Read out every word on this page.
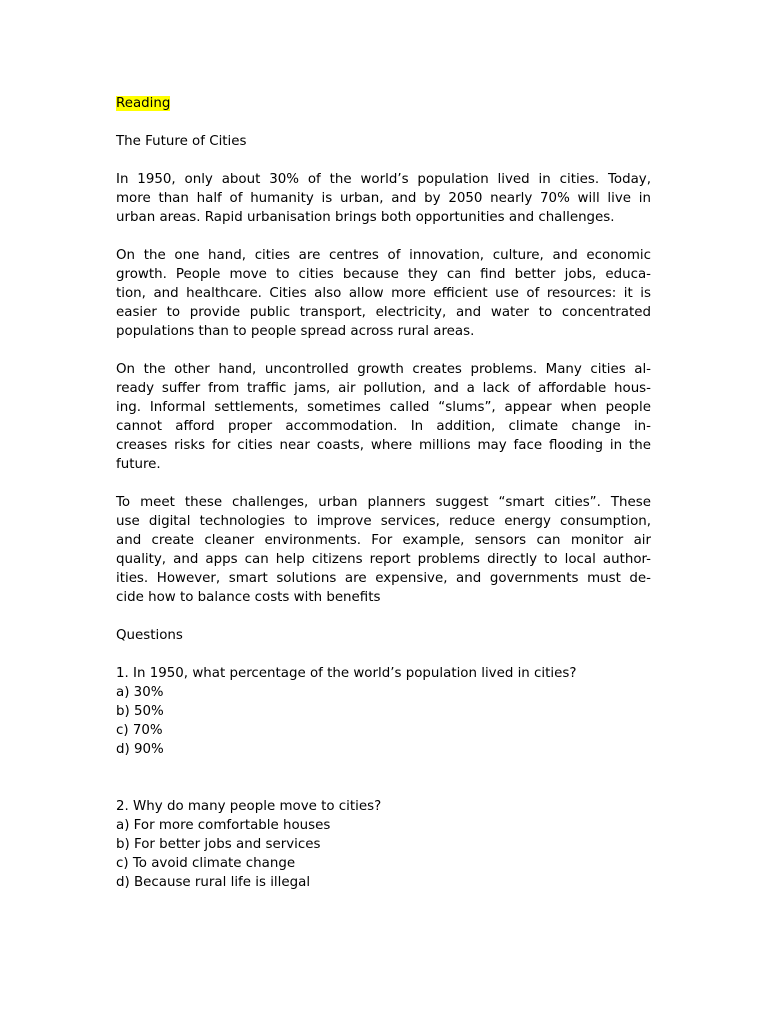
Reading
The Future of Cities
In 1950, only about 30% of the world’s population lived in cities. Today,
more than half of humanity is urban, and by 2050 nearly 70% will live in
urban areas. Rapid urbanisation brings both opportunities and challenges.
On the one hand, cities are centres of innovation, culture, and economic
growth. People move to cities because they can find better jobs, educa-
tion, and healthcare. Cities also allow more efficient use of resources: it is
easier to provide public transport, electricity, and water to concentrated
populations than to people spread across rural areas.
On the other hand, uncontrolled growth creates problems. Many cities al-
ready suffer from traffic jams, air pollution, and a lack of affordable hous-
ing. Informal settlements, sometimes called “slums”, appear when people
cannot afford proper accommodation. In addition, climate change in-
creases risks for cities near coasts, where millions may face flooding in the
future.
To meet these challenges, urban planners suggest “smart cities”. These
use digital technologies to improve services, reduce energy consumption,
and create cleaner environments. For example, sensors can monitor air
quality, and apps can help citizens report problems directly to local author-
ities. However, smart solutions are expensive, and governments must de-
cide how to balance costs with benefits
Questions
1. In 1950, what percentage of the world’s population lived in cities?
a) 30%
b) 50%
c) 70%
d) 90%
2. Why do many people move to cities?
a) For more comfortable houses
b) For better jobs and services
c) To avoid climate change
d) Because rural life is illegal
